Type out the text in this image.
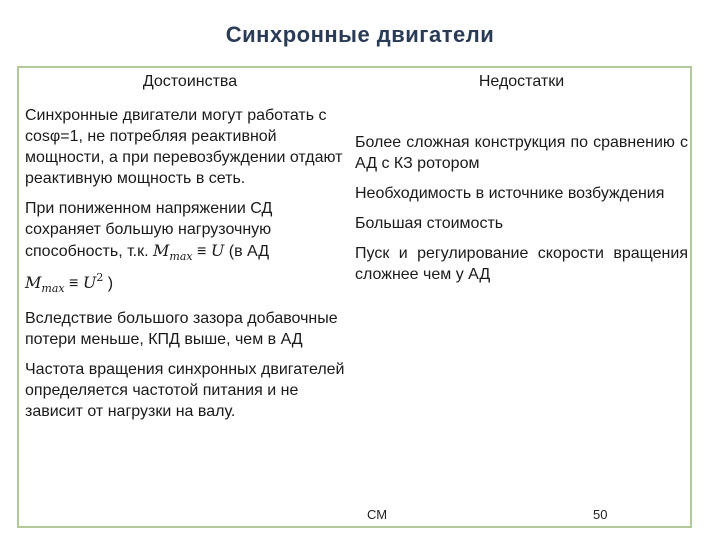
Синхронные двигатели
Достоинства
Синхронные двигатели могут работать с cosφ=1, не потребляя реактивной мощности, а при перевозбуждении отдают реактивную мощность в сеть.
При пониженном напряжении СД сохраняет большую нагрузочную способность, т.к. $M_{max} \equiv U$ (в АД
$M_{max} \equiv U^2$ )
Вследствие большого зазора добавочные потери меньше, КПД выше, чем в АД
Частота вращения синхронных двигателей определяется частотой питания и не зависит от нагрузки на валу.
Недостатки
Более сложная конструкция по сравнению с АД с КЗ ротором
Необходимость в источнике возбуждения
Большая стоимость
Пуск и регулирование скорости вращения сложнее чем у АД
СМ	50
